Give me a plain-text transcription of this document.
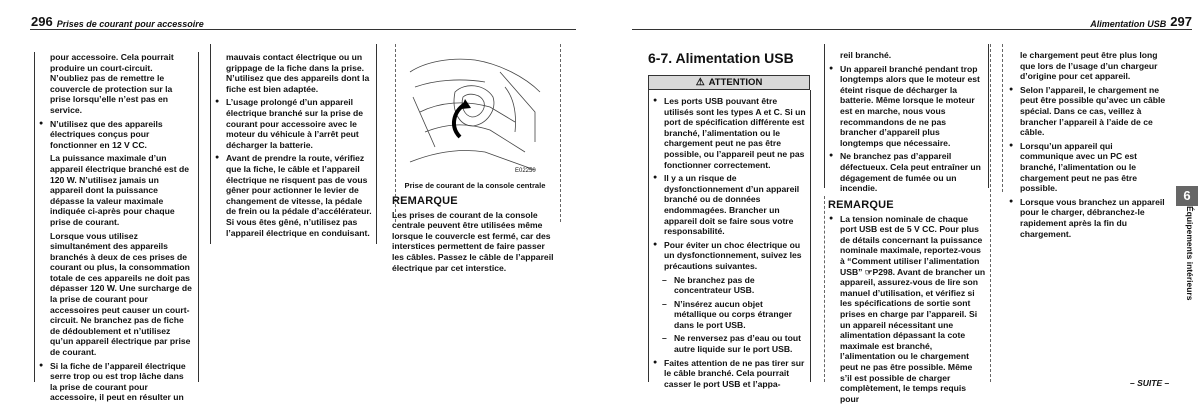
296 Prises de courant pour accessoire	Alimentation USB 297

pour accessoire. Cela pourrait produire un court-circuit. N’oubliez pas de remettre le couvercle de protection sur la prise lorsqu’elle n’est pas en service.

● N’utilisez que des appareils électriques conçus pour fonctionner en 12 V CC.

La puissance maximale d’un appareil électrique branché est de 120 W. N’utilisez jamais un appareil dont la puissance dépasse la valeur maximale indiquée ci-après pour chaque prise de courant.

Lorsque vous utilisez simultanément des appareils branchés à deux de ces prises de courant ou plus, la consommation totale de ces appareils ne doit pas dépasser 120 W. Une surcharge de la prise de courant pour accessoires peut causer un court-circuit. Ne branchez pas de fiche de dédoublement et n’utilisez qu’un appareil électrique par prise de courant.

● Si la fiche de l’appareil électrique serre trop ou est trop lâche dans la prise de courant pour accessoire, il peut en résulter un

mauvais contact électrique ou un grippage de la fiche dans la prise. N’utilisez que des appareils dont la fiche est bien adaptée.

● L’usage prolongé d’un appareil électrique branché sur la prise de courant pour accessoire avec le moteur du véhicule à l’arrêt peut décharger la batterie.

● Avant de prendre la route, vérifiez que la fiche, le câble et l’appareil électrique ne risquent pas de vous gêner pour actionner le levier de changement de vitesse, la pédale de frein ou la pédale d’accélérateur. Si vous êtes gêné, n’utilisez pas l’appareil électrique en conduisant.

E02250
Prise de courant de la console centrale
REMARQUE

Les prises de courant de la console centrale peuvent être utilisées même lorsque le couvercle est fermé, car des interstices permettent de faire passer les câbles. Passez le câble de l’appareil électrique par cet interstice.

6-7. Alimentation USB
⚠ ATTENTION

● Les ports USB pouvant être utilisés sont les types A et C. Si un port de spécification différente est branché, l’alimentation ou le chargement peut ne pas être possible, ou l’appareil peut ne pas fonctionner correctement.

● Il y a un risque de dysfonctionnement d’un appareil branché ou de données endommagées. Brancher un appareil doit se faire sous votre responsabilité.

● Pour éviter un choc électrique ou un dysfonctionnement, suivez les précautions suivantes.

– Ne branchez pas de concentrateur USB.

– N’insérez aucun objet métallique ou corps étranger dans le port USB.

– Ne renversez pas d’eau ou tout autre liquide sur le port USB.

● Faites attention de ne pas tirer sur le câble branché. Cela pourrait casser le port USB et l’appa-

reil branché.

● Un appareil branché pendant trop longtemps alors que le moteur est éteint risque de décharger la batterie. Même lorsque le moteur est en marche, nous vous recommandons de ne pas brancher d’appareil plus longtemps que nécessaire.

● Ne branchez pas d’appareil défectueux. Cela peut entraîner un dégagement de fumée ou un incendie.

REMARQUE

● La tension nominale de chaque port USB est de 5 V CC. Pour plus de détails concernant la puissance nominale maximale, reportez-vous à “Comment utiliser l’alimentation USB” ☞P298. Avant de brancher un appareil, assurez-vous de lire son manuel d’utilisation, et vérifiez si les spécifications de sortie sont prises en charge par l’appareil. Si un appareil nécessitant une alimentation dépassant la cote maximale est branché, l’alimentation ou le chargement peut ne pas être possible. Même s’il est possible de charger complètement, le temps requis pour

le chargement peut être plus long que lors de l’usage d’un chargeur d’origine pour cet appareil.

● Selon l’appareil, le chargement ne peut être possible qu’avec un câble spécial. Dans ce cas, veillez à brancher l’appareil à l’aide de ce câble.

● Lorsqu’un appareil qui communique avec un PC est branché, l’alimentation ou le chargement peut ne pas être possible.

● Lorsque vous branchez un appareil pour le charger, débranchez-le rapidement après la fin du chargement.

6
Équipements intérieurs
– SUITE –
